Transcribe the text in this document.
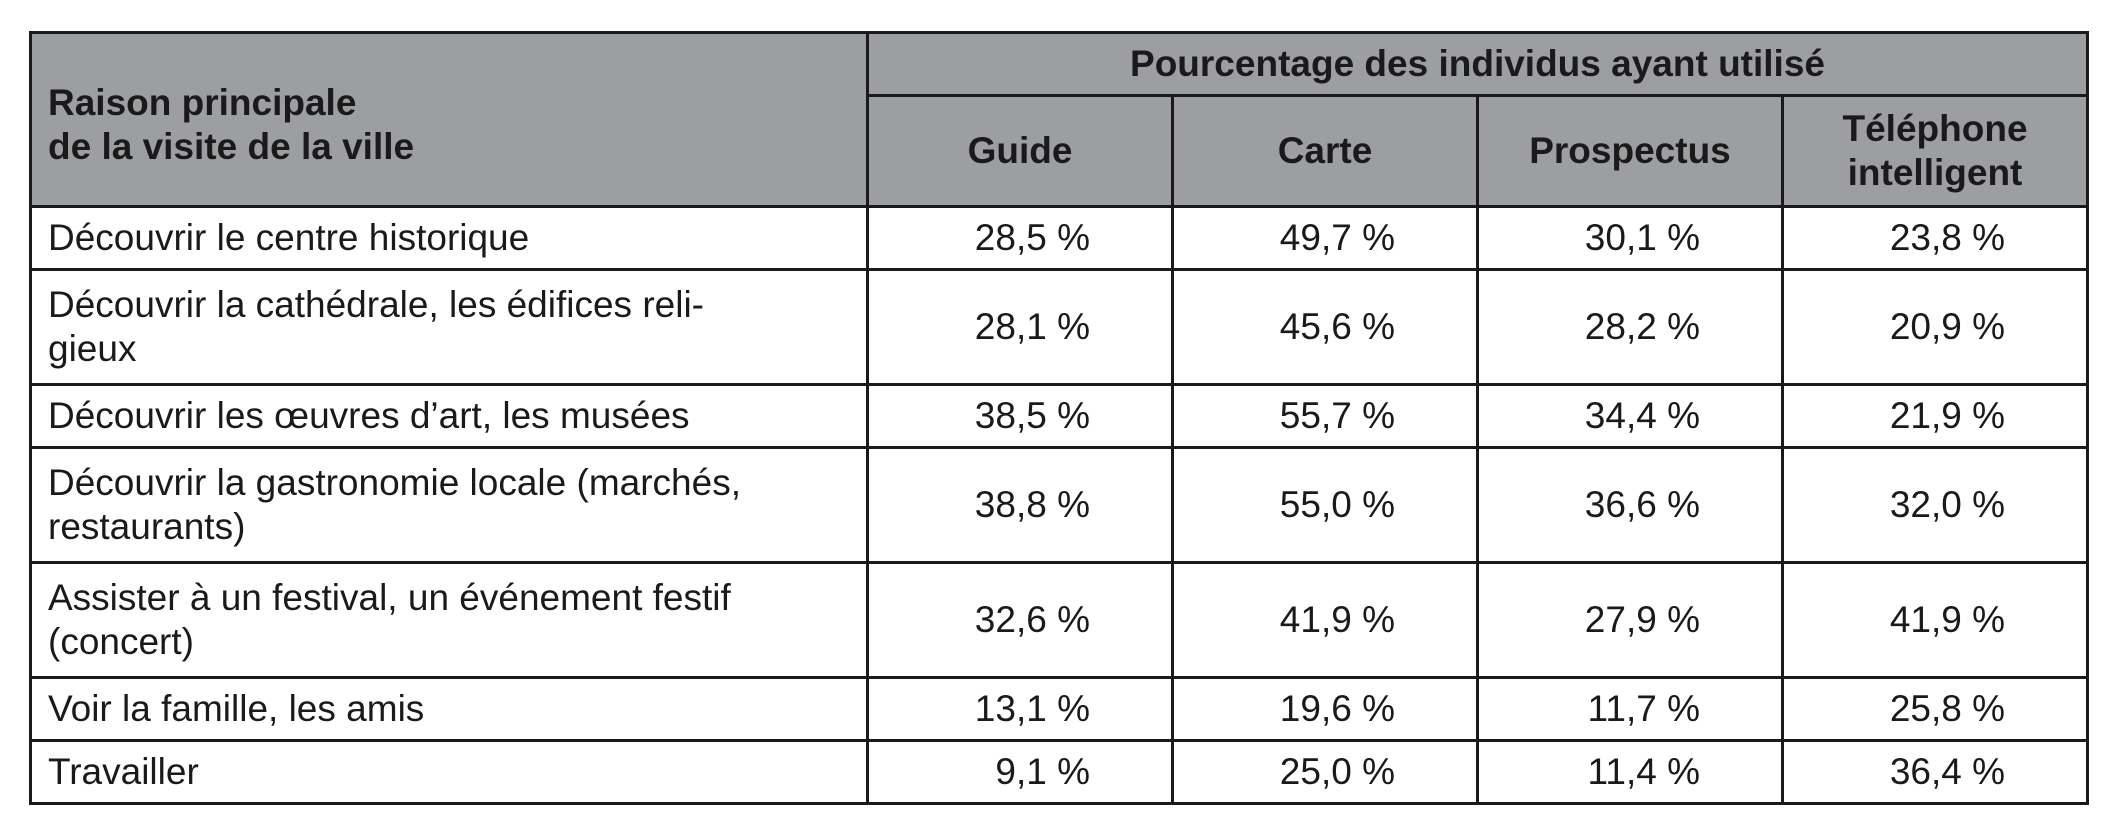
Raison principale
de la visite de la ville	Pourcentage des individus ayant utilisé			
	Guide	Carte	Prospectus	Téléphone
intelligent
Découvrir le centre historique	28,5 %	49,7 %	30,1 %	23,8 %
Découvrir la cathédrale, les édifices reli-
gieux	28,1 %	45,6 %	28,2 %	20,9 %
Découvrir les œuvres d’art, les musées	38,5 %	55,7 %	34,4 %	21,9 %
Découvrir la gastronomie locale (marchés, restaurants)	38,8 %	55,0 %	36,6 %	32,0 %
Assister à un festival, un événement festif (concert)	32,6 %	41,9 %	27,9 %	41,9 %
Voir la famille, les amis	13,1 %	19,6 %	11,7 %	25,8 %
Travailler	9,1 %	25,0 %	11,4 %	36,4 %
